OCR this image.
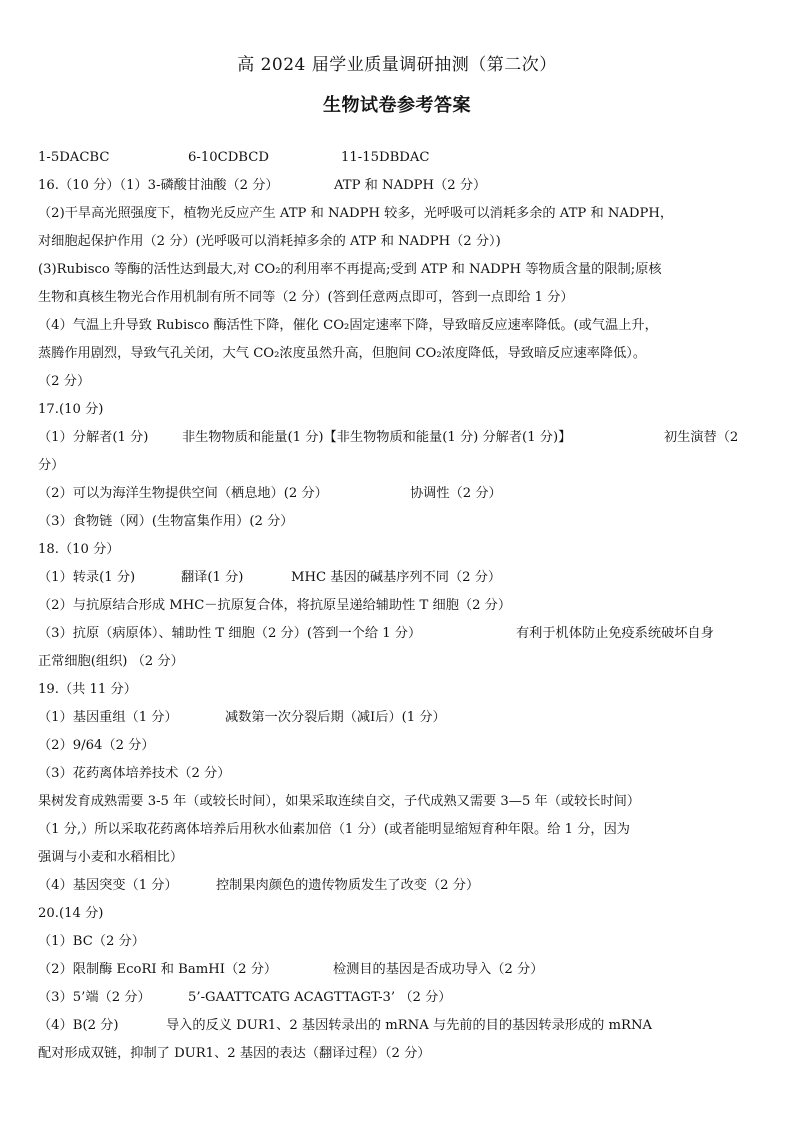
高 2024 届学业质量调研抽测（第二次）
生物试卷参考答案
1-5DACBC	6-10CDBCD	11-15DBDAC
16.（10 分）（1）3-磷酸甘油酸（2 分）	ATP 和 NADPH（2 分）
（2)干旱高光照强度下，植物光反应产生 ATP 和 NADPH 较多，光呼吸可以消耗多余的 ATP 和 NADPH，
对细胞起保护作用（2 分）(光呼吸可以消耗掉多余的 ATP 和 NADPH（2 分）)
(3)Rubisco 等酶的活性达到最大,对 CO₂的利用率不再提高;受到 ATP 和 NADPH 等物质含量的限制;原核
生物和真核生物光合作用机制有所不同等（2 分）(答到任意两点即可，答到一点即给 1 分）
（4）气温上升导致 Rubisco 酶活性下降，催化 CO₂固定速率下降，导致暗反应速率降低。(或气温上升，
蒸腾作用剧烈，导致气孔关闭，大气 CO₂浓度虽然升高，但胞间 CO₂浓度降低，导致暗反应速率降低）。
（2 分）
17.(10 分)
（1）分解者(1 分)	非生物物质和能量(1 分)【非生物物质和能量(1 分) 分解者(1 分)】	初生演替（2
分）
（2）可以为海洋生物提供空间（栖息地）(2 分）	协调性（2 分）
（3）食物链（网）(生物富集作用）(2 分）
18.（10 分）
（1）转录(1 分)	翻译(1 分)	MHC 基因的碱基序列不同（2 分）
（2）与抗原结合形成 MHC－抗原复合体，将抗原呈递给辅助性 T 细胞（2 分）
（3）抗原（病原体）、辅助性 T 细胞（2 分）(答到一个给 1 分）	有利于机体防止免疫系统破坏自身
正常细胞(组织) （2 分）
19.（共 11 分）
（1）基因重组（1 分）	减数第一次分裂后期（减Ⅰ后）(1 分）
（2）9/64（2 分）
（3）花药离体培养技术（2 分）
果树发育成熟需要 3-5 年（或较长时间），如果采取连续自交，子代成熟又需要 3—5 年（或较长时间）
（1 分,）所以采取花药离体培养后用秋水仙素加倍（1 分）(或者能明显缩短育种年限。给 1 分，因为
强调与小麦和水稻相比）
（4）基因突变（1 分）	控制果肉颜色的遗传物质发生了改变（2 分）
20.(14 分)
（1）BC（2 分）
（2）限制酶 EcoRI 和 BamHI（2 分）	检测目的基因是否成功导入（2 分）
（3）5’端（2 分）	5’-GAATTCATG ACAGTTAGT-3’ （2 分）
（4）B(2 分)	导入的反义 DUR1、2 基因转录出的 mRNA 与先前的目的基因转录形成的 mRNA
配对形成双链，抑制了 DUR1、2 基因的表达（翻译过程）（2 分）
